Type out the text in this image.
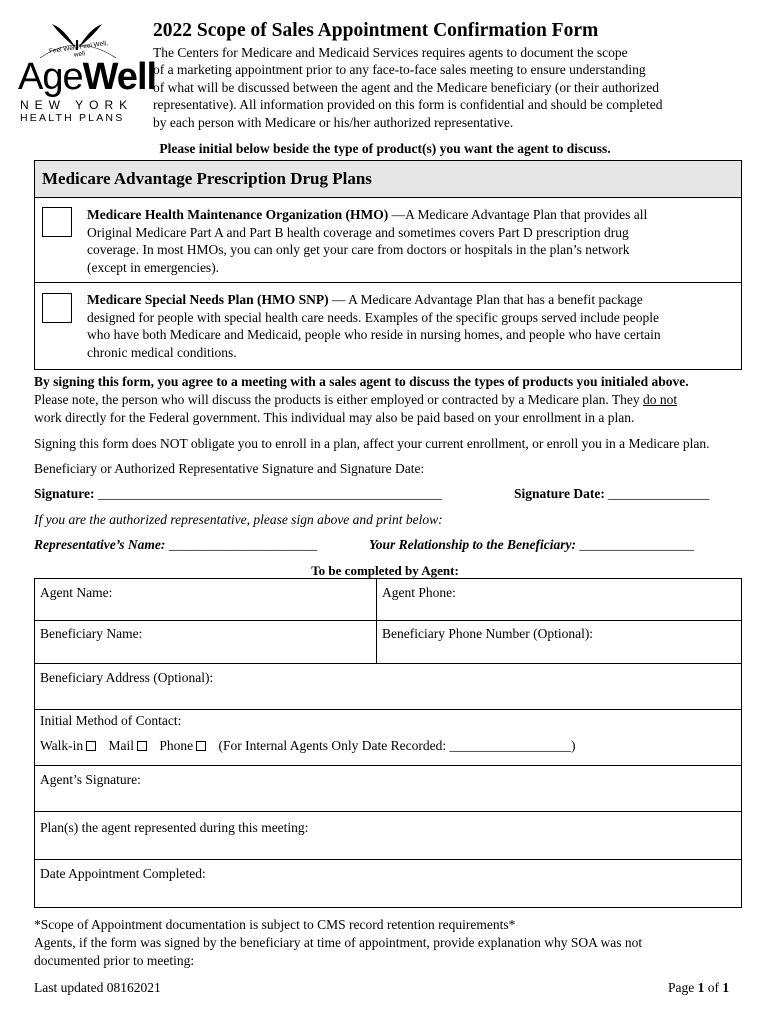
Feel Well. Feel Well, well
AgeWell
NEW YORK
HEALTH PLANS
2022 Scope of Sales Appointment Confirmation Form
The Centers for Medicare and Medicaid Services requires agents to document the scope
of a marketing appointment prior to any face-to-face sales meeting to ensure understanding
of what will be discussed between the agent and the Medicare beneficiary (or their authorized
representative). All information provided on this form is confidential and should be completed
by each person with Medicare or his/her authorized representative.
Please initial below beside the type of product(s) you want the agent to discuss.
Medicare Advantage Prescription Drug Plans
Medicare Health Maintenance Organization (HMO) —A Medicare Advantage Plan that provides all
Original Medicare Part A and Part B health coverage and sometimes covers Part D prescription drug
coverage. In most HMOs, you can only get your care from doctors or hospitals in the plan’s network
(except in emergencies).
Medicare Special Needs Plan (HMO SNP) — A Medicare Advantage Plan that has a benefit package
designed for people with special health care needs. Examples of the specific groups served include people
who have both Medicare and Medicaid, people who reside in nursing homes, and people who have certain
chronic medical conditions.
By signing this form, you agree to a meeting with a sales agent to discuss the types of products you initialed above.
Please note, the person who will discuss the products is either employed or contracted by a Medicare plan. They do not
work directly for the Federal government. This individual may also be paid based on your enrollment in a plan.
Signing this form does NOT obligate you to enroll in a plan, affect your current enrollment, or enroll you in a Medicare plan.
Beneficiary or Authorized Representative Signature and Signature Date:
Signature: ___________________________________________________	Signature Date: _______________
If you are the authorized representative, please sign above and print below:
Representative’s Name: ______________________	Your Relationship to the Beneficiary: _________________
To be completed by Agent:
Agent Name:	Agent Phone:
Beneficiary Name:	Beneficiary Phone Number (Optional):
Beneficiary Address (Optional):
Initial Method of Contact:
Walk-in Mail Phone (For Internal Agents Only Date Recorded: __________________)
Agent’s Signature:
Plan(s) the agent represented during this meeting:
Date Appointment Completed:
*Scope of Appointment documentation is subject to CMS record retention requirements*
Agents, if the form was signed by the beneficiary at time of appointment, provide explanation why SOA was not
documented prior to meeting:
Last updated 08162021	Page 1 of 1
